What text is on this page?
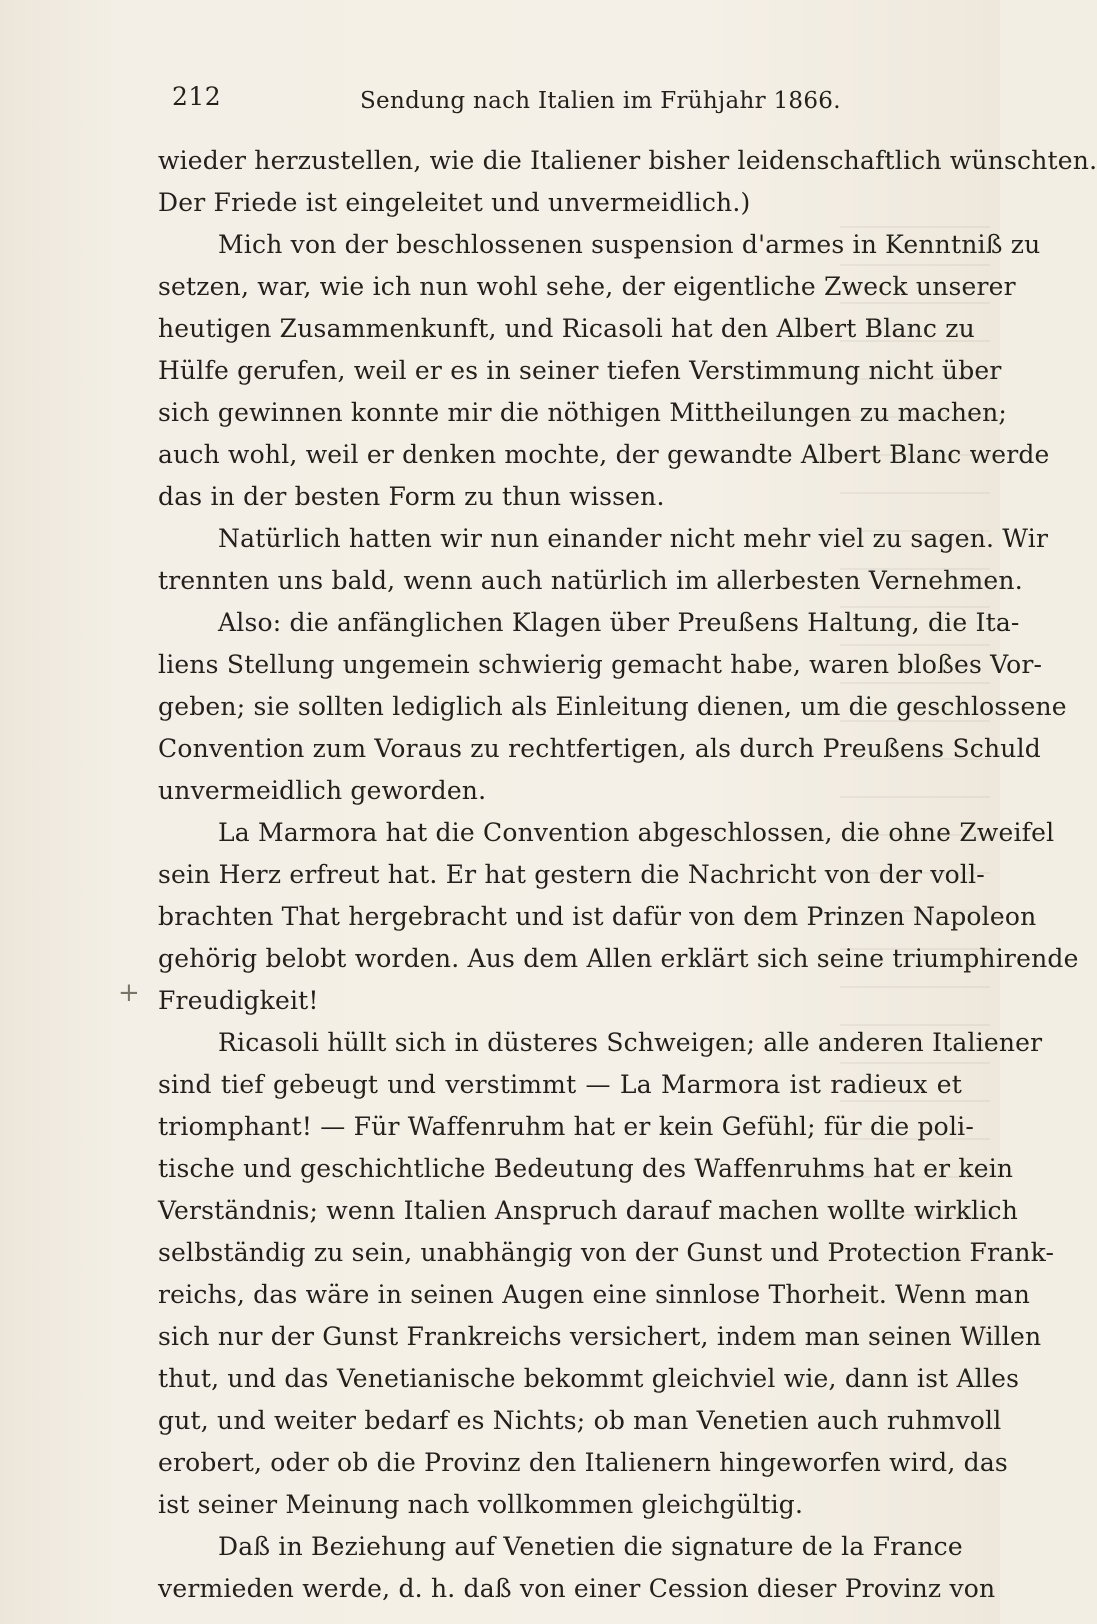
212	Sendung nach Italien im Frühjahr 1866.
+
wieder herzustellen, wie die Italiener bisher leidenschaftlich wünschten.
Der Friede ist eingeleitet und unvermeidlich.)
Mich von der beschlossenen suspension d'armes in Kenntniß zu
setzen, war, wie ich nun wohl sehe, der eigentliche Zweck unserer
heutigen Zusammenkunft, und Ricasoli hat den Albert Blanc zu
Hülfe gerufen, weil er es in seiner tiefen Verstimmung nicht über
sich gewinnen konnte mir die nöthigen Mittheilungen zu machen;
auch wohl, weil er denken mochte, der gewandte Albert Blanc werde
das in der besten Form zu thun wissen.
Natürlich hatten wir nun einander nicht mehr viel zu sagen. Wir
trennten uns bald, wenn auch natürlich im allerbesten Vernehmen.
Also: die anfänglichen Klagen über Preußens Haltung, die Ita-
liens Stellung ungemein schwierig gemacht habe, waren bloßes Vor-
geben; sie sollten lediglich als Einleitung dienen, um die geschlossene
Convention zum Voraus zu rechtfertigen, als durch Preußens Schuld
unvermeidlich geworden.
La Marmora hat die Convention abgeschlossen, die ohne Zweifel
sein Herz erfreut hat. Er hat gestern die Nachricht von der voll-
brachten That hergebracht und ist dafür von dem Prinzen Napoleon
gehörig belobt worden. Aus dem Allen erklärt sich seine triumphirende
Freudigkeit!
Ricasoli hüllt sich in düsteres Schweigen; alle anderen Italiener
sind tief gebeugt und verstimmt — La Marmora ist radieux et
triomphant! — Für Waffenruhm hat er kein Gefühl; für die poli-
tische und geschichtliche Bedeutung des Waffenruhms hat er kein
Verständnis; wenn Italien Anspruch darauf machen wollte wirklich
selbständig zu sein, unabhängig von der Gunst und Protection Frank-
reichs, das wäre in seinen Augen eine sinnlose Thorheit. Wenn man
sich nur der Gunst Frankreichs versichert, indem man seinen Willen
thut, und das Venetianische bekommt gleichviel wie, dann ist Alles
gut, und weiter bedarf es Nichts; ob man Venetien auch ruhmvoll
erobert, oder ob die Provinz den Italienern hingeworfen wird, das
ist seiner Meinung nach vollkommen gleichgültig.
Daß in Beziehung auf Venetien die signature de la France
vermieden werde, d. h. daß von einer Cession dieser Provinz von
